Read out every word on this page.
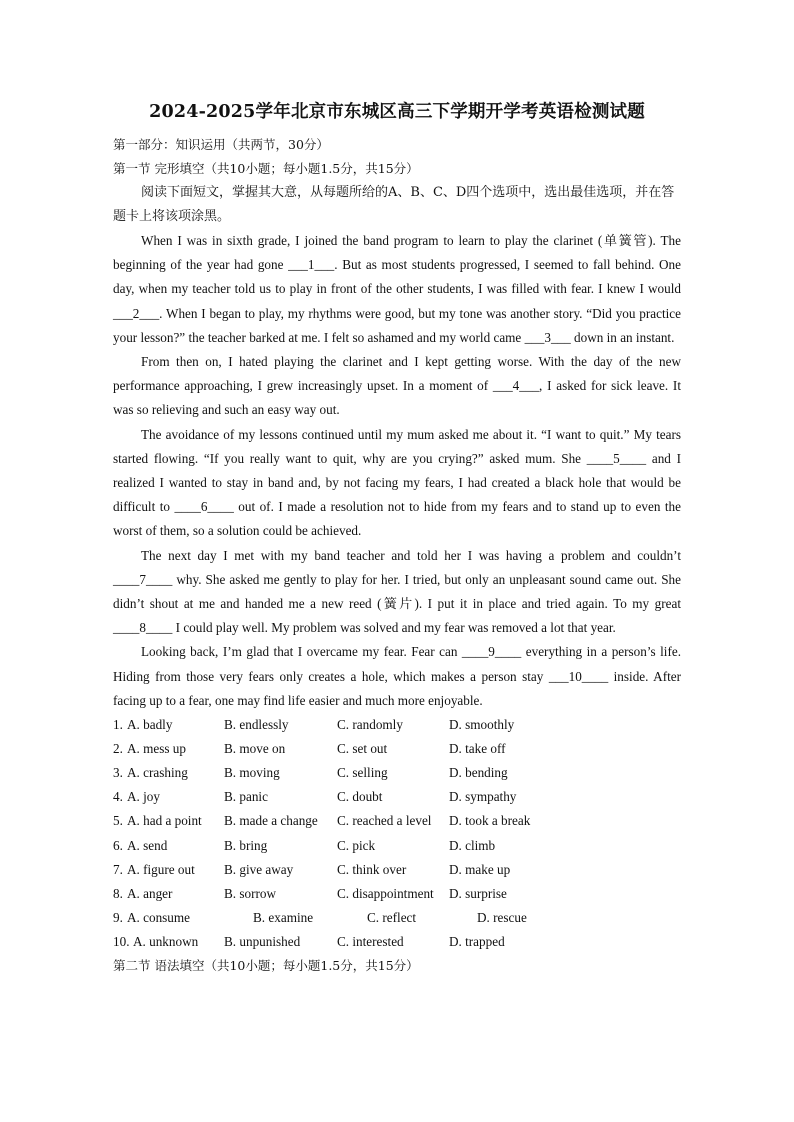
2024-2025学年北京市东城区高三下学期开学考英语检测试题
第一部分：知识运用（共两节，30分）
第一节 完形填空（共10小题；每小题1.5分，共15分）

阅读下面短文，掌握其大意，从每题所给的A、B、C、D四个选项中，选出最佳选项，并在答题卡上将该项涂黑。

When I was in sixth grade, I joined the band program to learn to play the clarinet (单簧管). The beginning of the year had gone ___1___. But as most students progressed, I seemed to fall behind. One day, when my teacher told us to play in front of the other students, I was filled with fear. I knew I would ___2___. When I began to play, my rhythms were good, but my tone was another story. “Did you practice your lesson?” the teacher barked at me. I felt so ashamed and my world came ___3___ down in an instant.

From then on, I hated playing the clarinet and I kept getting worse. With the day of the new performance approaching, I grew increasingly upset. In a moment of ___4___, I asked for sick leave. It was so relieving and such an easy way out.

The avoidance of my lessons continued until my mum asked me about it. “I want to quit.” My tears started flowing. “If you really want to quit, why are you crying?” asked mum. She ____5____ and I realized I wanted to stay in band and, by not facing my fears, I had created a black hole that would be difficult to ____6____ out of. I made a resolution not to hide from my fears and to stand up to even the worst of them, so a solution could be achieved.

The next day I met with my band teacher and told her I was having a problem and couldn’t ____7____ why. She asked me gently to play for her. I tried, but only an unpleasant sound came out. She didn’t shout at me and handed me a new reed (簧片). I put it in place and tried again. To my great ____8____ I could play well. My problem was solved and my fear was removed a lot that year.

Looking back, I’m glad that I overcame my fear. Fear can ____9____ everything in a person’s life. Hiding from those very fears only creates a hole, which makes a person stay ___10____ inside. After facing up to a fear, one may find life easier and much more enjoyable.

1. A. badly	B. endlessly	C. randomly	D. smoothly
2. A. mess up	B. move on	C. set out	D. take off
3. A. crashing	B. moving	C. selling	D. bending
4. A. joy	B. panic	C. doubt	D. sympathy
5. A. had a point B. made a change C. reached a level D. took a break
6. A. send	B. bring	C. pick	D. climb
7. A. figure out B. give away	C. think over	D. make up
8. A. anger	B. sorrow	C. disappointment D. surprise
9. A. consume	B. examine	C. reflect	D. rescue
10. A. unknown B. unpunished	C. interested	D. trapped
第二节 语法填空（共10小题；每小题1.5分，共15分）
